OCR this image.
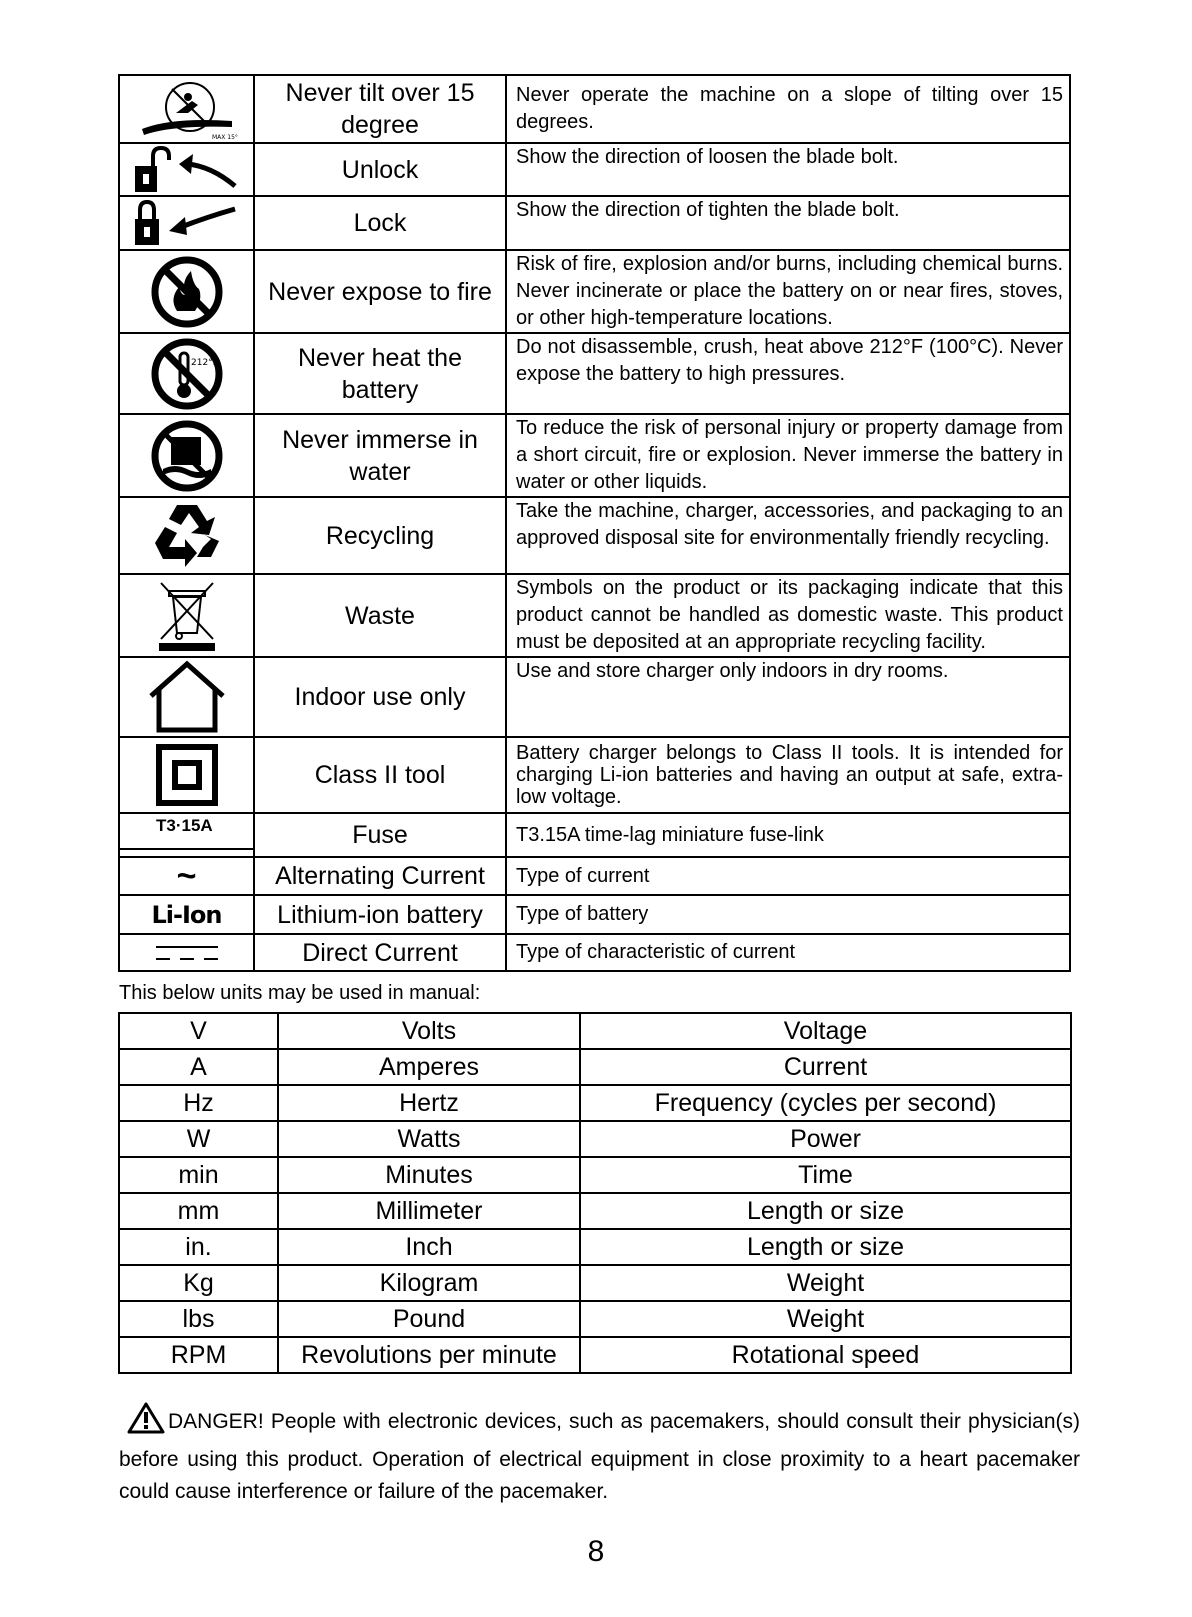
MAX 15°	Never tilt over 15 degree	Never operate the machine on a slope of tilting over 15 degrees.

	Unlock	Show the direction of loosen the blade bolt.

	Lock	Show the direction of tighten the blade bolt.

	Never expose to fire	Risk of fire, explosion and/or burns, including chemical burns. Never incinerate or place the battery on or near fires, stoves, or other high-temperature locations.

212°F	Never heat the battery	Do not disassemble, crush, heat above 212°F (100°C). Never expose the battery to high pressures.

	Never immerse in water	To reduce the risk of personal injury or property damage from a short circuit, fire or explosion. Never immerse the battery in water or other liquids.

	Recycling	Take the machine, charger, accessories, and packaging to an approved disposal site for environmentally friendly recycling.

	Waste	Symbols on the product or its packaging indicate that this product cannot be handled as domestic waste. This product must be deposited at an appropriate recycling facility.

	Indoor use only	Use and store charger only indoors in dry rooms.

	Class II tool	Battery charger belongs to Class II tools. It is intended for charging Li-ion batteries and having an output at safe, extra-low voltage.

T3·15A	Fuse	T3.15A time-lag miniature fuse-link
~	Alternating Current	Type of current
Li-Ion	Lithium-ion battery	Type of battery

	Direct Current	Type of characteristic of current
This below units may be used in manual:
V	Volts	Voltage
A	Amperes	Current
Hz	Hertz	Frequency (cycles per second)
W	Watts	Power
min	Minutes	Time
mm	Millimeter	Length or size
in.	Inch	Length or size
Kg	Kilogram	Weight
lbs	Pound	Weight
RPM	Revolutions per minute	Rotational speed
DANGER! People with electronic devices, such as pacemakers, should consult their physician(s) before using this product. Operation of electrical equipment in close proximity to a heart pacemaker could cause interference or failure of the pacemaker.
8
